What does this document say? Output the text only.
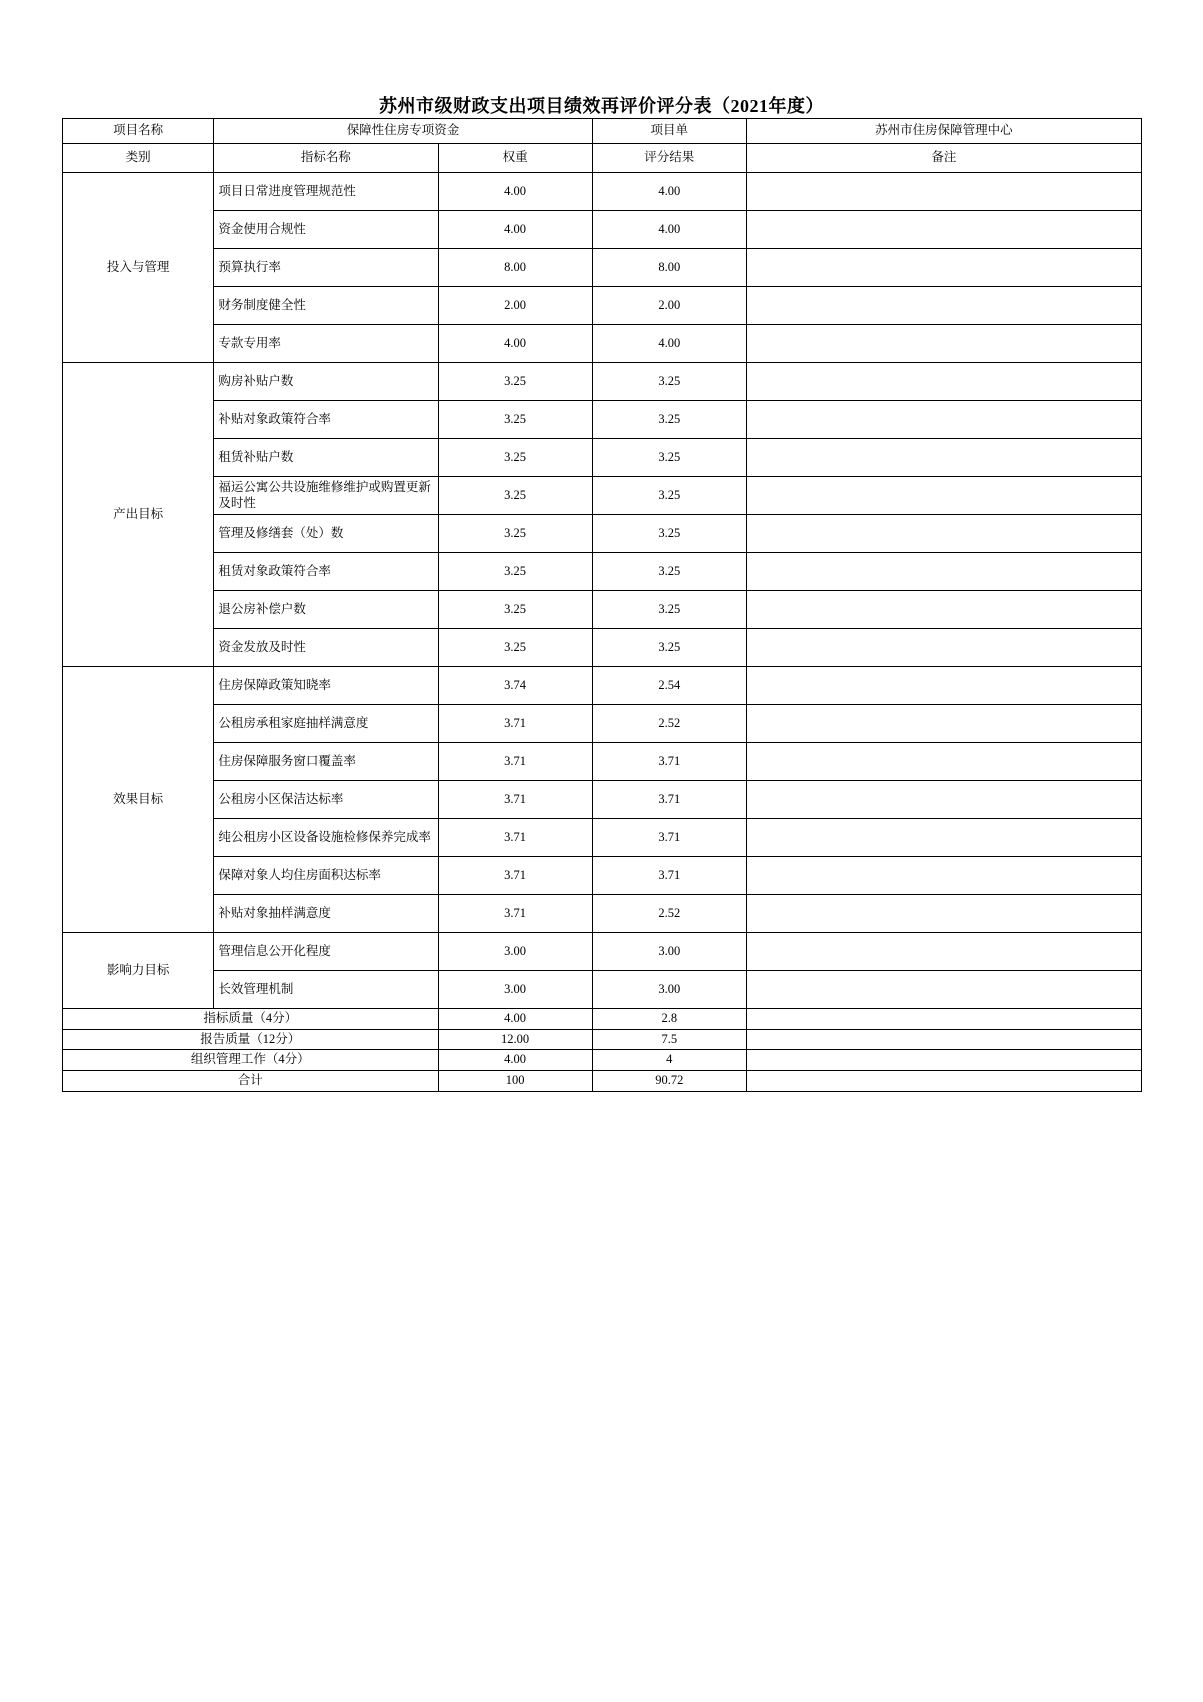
苏州市级财政支出项目绩效再评价评分表（2021年度）
项目名称	保障性住房专项资金		项目单	苏州市住房保障管理中心
类别	指标名称	权重	评分结果	备注
投入与管理	项目日常进度管理规范性	4.00	4.00	
	资金使用合规性	4.00	4.00	
	预算执行率	8.00	8.00	
	财务制度健全性	2.00	2.00	
	专款专用率	4.00	4.00	
产出目标	购房补贴户数	3.25	3.25	
	补贴对象政策符合率	3.25	3.25	
	租赁补贴户数	3.25	3.25	
	福运公寓公共设施维修维护或购置更新及时性	3.25	3.25	
	管理及修缮套（处）数	3.25	3.25	
	租赁对象政策符合率	3.25	3.25	
	退公房补偿户数	3.25	3.25	
	资金发放及时性	3.25	3.25	
效果目标	住房保障政策知晓率	3.74	2.54	
	公租房承租家庭抽样满意度	3.71	2.52	
	住房保障服务窗口覆盖率	3.71	3.71	
	公租房小区保洁达标率	3.71	3.71	
	纯公租房小区设备设施检修保养完成率	3.71	3.71	
	保障对象人均住房面积达标率	3.71	3.71	
	补贴对象抽样满意度	3.71	2.52	
影响力目标	管理信息公开化程度	3.00	3.00	
	长效管理机制	3.00	3.00	
指标质量（4分）		4.00	2.8	
报告质量（12分）		12.00	7.5	
组织管理工作（4分）		4.00	4	
合计		100	90.72	
